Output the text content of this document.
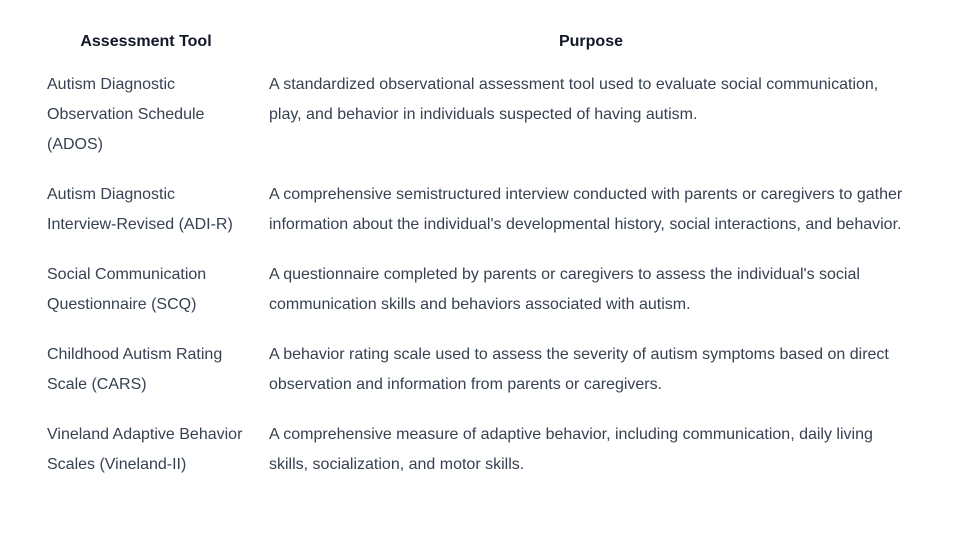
Assessment Tool	Purpose
Autism Diagnostic Observation Schedule (ADOS)	A standardized observational assessment tool used to evaluate social communication, play, and behavior in individuals suspected of having autism.
Autism Diagnostic Interview-Revised (ADI-R)	A comprehensive semistructured interview conducted with parents or caregivers to gather information about the individual's developmental history, social interactions, and behavior.
Social Communication Questionnaire (SCQ)	A questionnaire completed by parents or caregivers to assess the individual's social communication skills and behaviors associated with autism.
Childhood Autism Rating Scale (CARS)	A behavior rating scale used to assess the severity of autism symptoms based on direct observation and information from parents or caregivers.
Vineland Adaptive Behavior Scales (Vineland-II)	A comprehensive measure of adaptive behavior, including communication, daily living skills, socialization, and motor skills.
